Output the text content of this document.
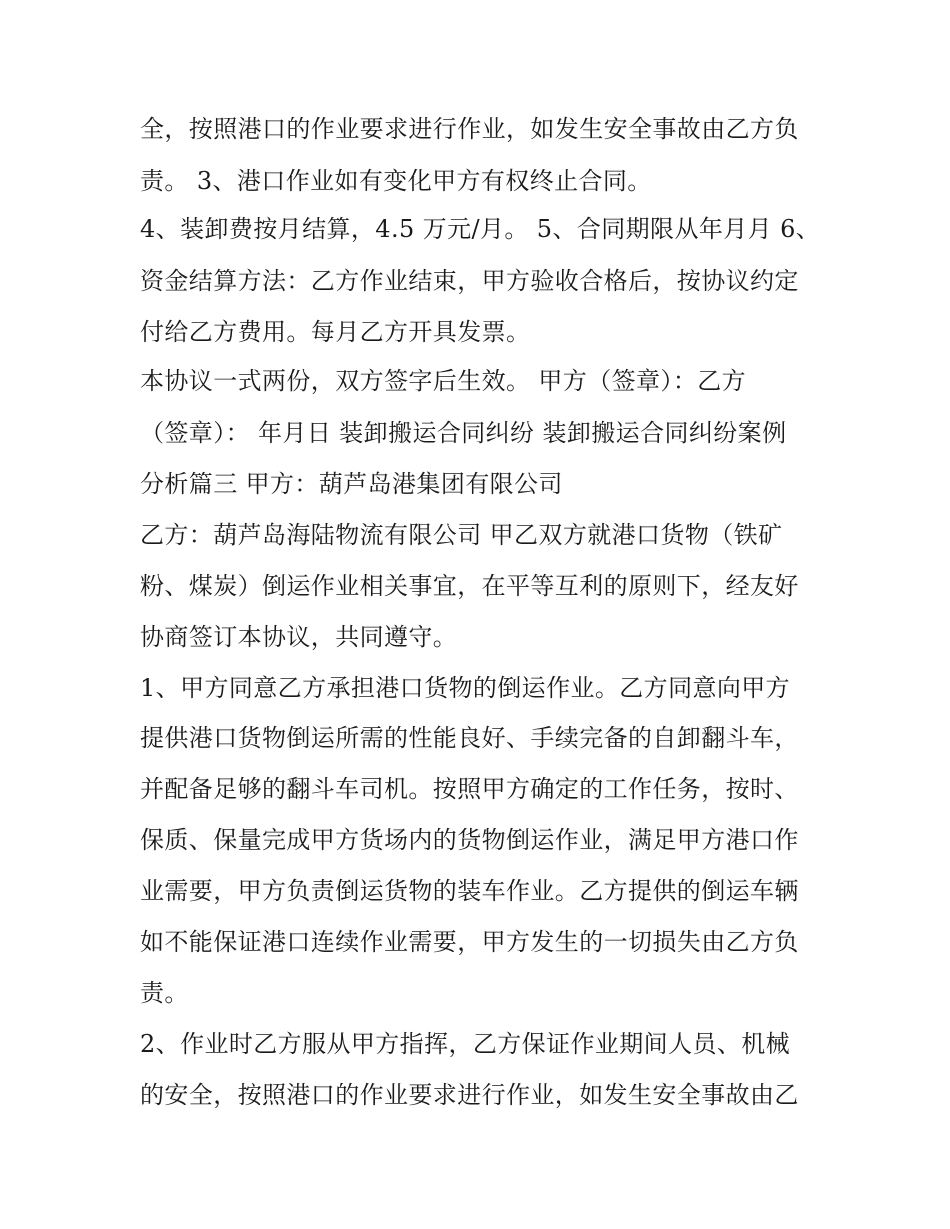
全，按照港口的作业要求进行作业，如发生安全事故由乙方负
责。 3、港口作业如有变化甲方有权终止合同。
4、装卸费按月结算，4.5 万元/月。 5、合同期限从年月月 6、
资金结算方法：乙方作业结束，甲方验收合格后，按协议约定
付给乙方费用。每月乙方开具发票。
本协议一式两份，双方签字后生效。 甲方（签章）：乙方
（签章）： 年月日 装卸搬运合同纠纷 装卸搬运合同纠纷案例
分析篇三 甲方：葫芦岛港集团有限公司
乙方：葫芦岛海陆物流有限公司 甲乙双方就港口货物（铁矿
粉、煤炭）倒运作业相关事宜，在平等互利的原则下，经友好
协商签订本协议，共同遵守。
1、甲方同意乙方承担港口货物的倒运作业。乙方同意向甲方
提供港口货物倒运所需的性能良好、手续完备的自卸翻斗车，
并配备足够的翻斗车司机。按照甲方确定的工作任务，按时、
保质、保量完成甲方货场内的货物倒运作业，满足甲方港口作
业需要，甲方负责倒运货物的装车作业。乙方提供的倒运车辆
如不能保证港口连续作业需要，甲方发生的一切损失由乙方负
责。
2、作业时乙方服从甲方指挥，乙方保证作业期间人员、机械
的安全，按照港口的作业要求进行作业，如发生安全事故由乙
